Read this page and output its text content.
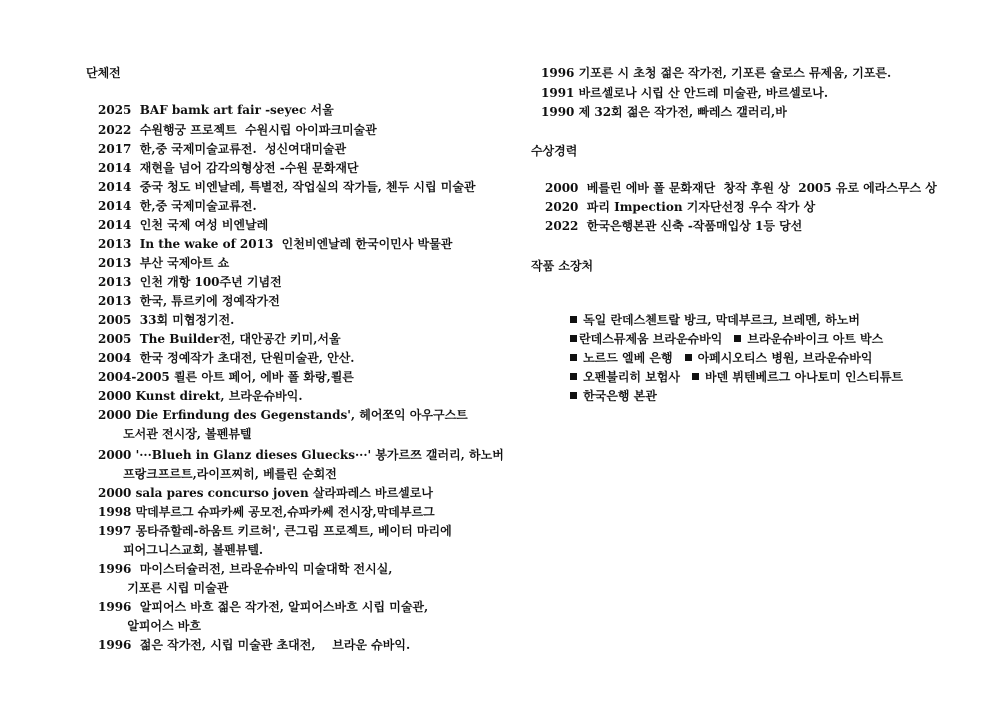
단체전
2025  BAF bamk art fair -seyec 서울
2022  수원행궁 프로젝트  수원시립 아이파크미술관
2017  한,중 국제미술교류전.  성신여대미술관
2014  재현을 넘어 감각의형상전 -수원 문화재단
2014  중국 청도 비엔날레, 특별전, 작업실의 작가들, 첸두 시립 미술관
2014  한,중 국제미술교류전.
2014  인천 국제 여성 비엔날레
2013  In the wake of 2013  인천비엔날레 한국이민사 박물관
2013  부산 국제아트 쇼
2013  인천 개항 100주년 기념전
2013  한국, 튜르키에 정예작가전
2005  33회 미협정기전.
2005  The Builder전, 대안공간 키미,서울
2004  한국 정예작가 초대전, 단원미술관, 안산.
2004-2005 쾰른 아트 페어, 에바 폴 화랑,쾰른
2000 Kunst direkt, 브라운슈바익.
2000 Die Erfindung des Gegenstands', 헤어쪼익 아우구스트
도서관 전시장, 볼펜뷰텔
2000 '···Blueh in Glanz dieses Gluecks···' 봉가르쯔 갤러리, 하노버
프랑크프르트,라이프찌히, 베를린 순회전
2000 sala pares concurso joven 살라파레스 바르셀로나
1998 막데부르그 슈파카쎄 공모전,슈파카쎄 전시장,막데부르그
1997 몽타쥬할레-하움트 키르허', 큰그림 프로젝트, 베이터 마리에
피어그니스교회, 볼펜뷰텔.
1996  마이스터슐러전, 브라운슈바익 미술대학 전시실,
기포른 시립 미술관
1996  알피어스 바흐 젊은 작가전, 알피어스바흐 시립 미술관,
알피어스 바흐
1996  젊은 작가전, 시립 미술관 초대전,    브라운 슈바익.
1996 기포른 시 초청 젊은 작가전, 기포른 슐로스 뮤제움, 기포른.
1991 바르셀로나 시립 산 안드레 미술관, 바르셀로나.
1990 제 32회 젊은 작가전, 빠레스 갤러리,바
수상경력
2000  베를린 에바 폴 문화재단  창작 후원 상  2005 유로 에라스무스 상
2020  파리 Impection 기자단선정 우수 작가 상
2022  한국은행본관 신축 -작품매입상 1등 당선
작품 소장처

독일 란데스첸트랄 방크, 막데부르크, 브레멘, 하노버

란데스뮤제움 브라운슈바익 브라운슈바이크 아트 박스

노르드 엘베 은행 아페시오티스 병원, 브라운슈바익

오펜불리히 보험사 바덴 뷔텐베르그 아나토미 인스티튜트

한국은행 본관
